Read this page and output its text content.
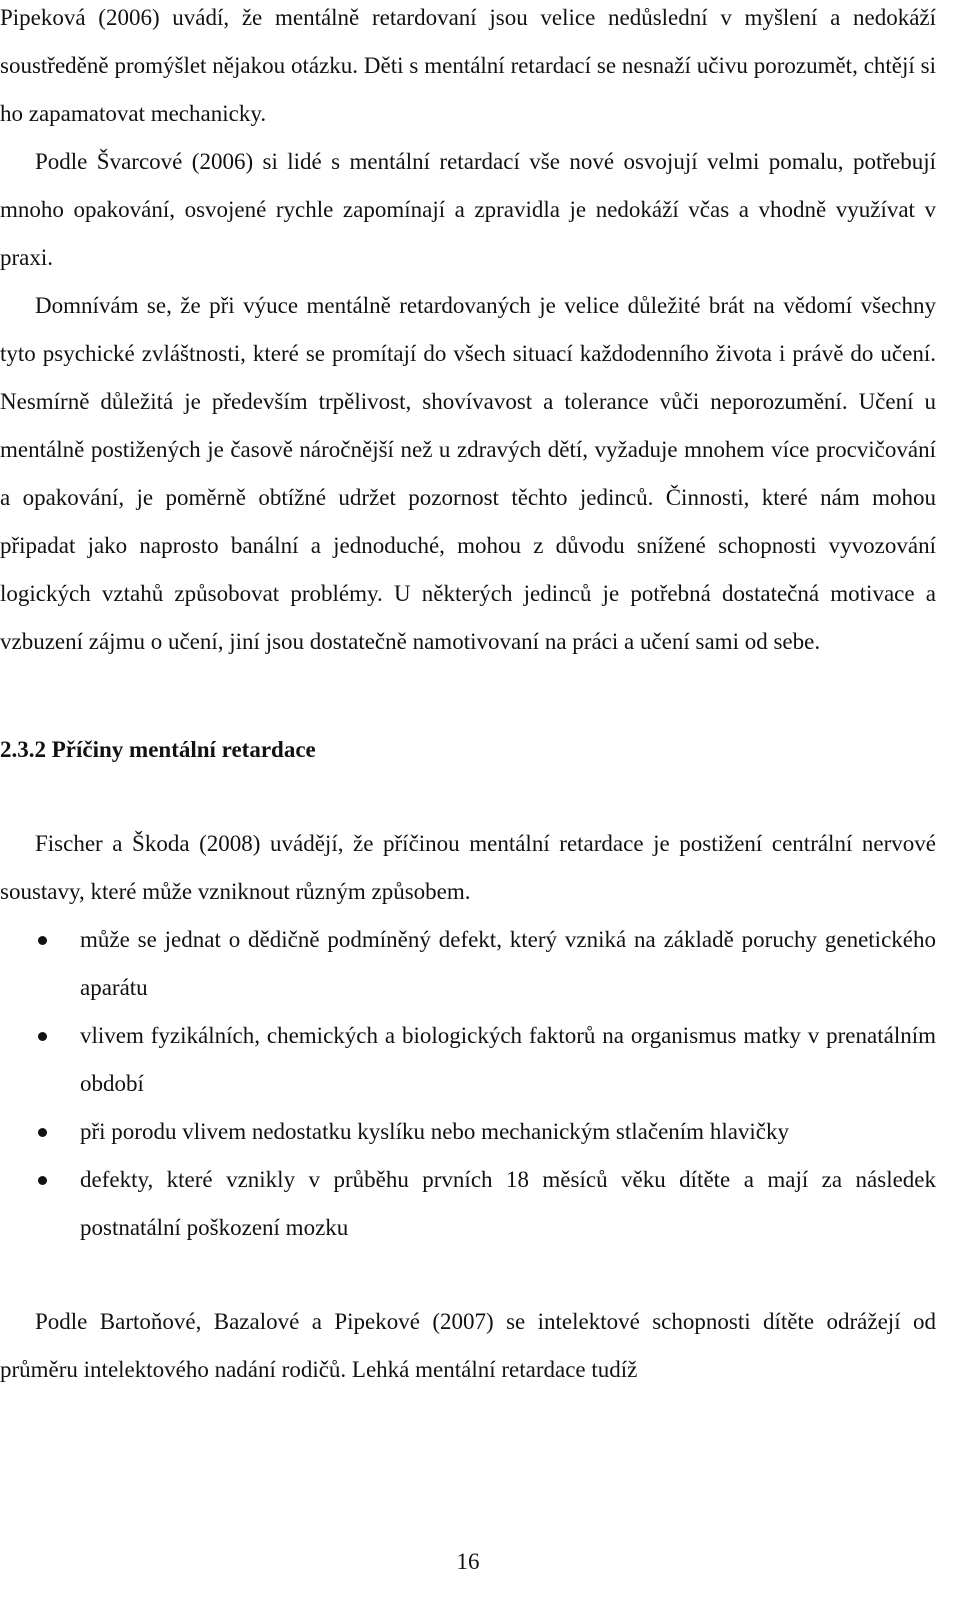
Pipeková (2006) uvádí, že mentálně retardovaní jsou velice nedůslední v myšlení a nedokáží soustředěně promýšlet nějakou otázku. Děti s mentální retardací se nesnaží učivu porozumět, chtějí si ho zapamatovat mechanicky.

Podle Švarcové (2006) si lidé s mentální retardací vše nové osvojují velmi pomalu, potřebují mnoho opakování, osvojené rychle zapomínají a zpravidla je nedokáží včas a vhodně využívat v praxi.

Domnívám se, že při výuce mentálně retardovaných je velice důležité brát na vědomí všechny tyto psychické zvláštnosti, které se promítají do všech situací každodenního života i právě do učení. Nesmírně důležitá je především trpělivost, shovívavost a tolerance vůči neporozumění. Učení u mentálně postižených je časově náročnější než u zdravých dětí, vyžaduje mnohem více procvičování a opakování, je poměrně obtížné udržet pozornost těchto jedinců. Činnosti, které nám mohou připadat jako naprosto banální a jednoduché, mohou z důvodu snížené schopnosti vyvozování logických vztahů způsobovat problémy. U některých jedinců je potřebná dostatečná motivace a vzbuzení zájmu o učení, jiní jsou dostatečně namotivovaní na práci a učení sami od sebe.

2.3.2 Příčiny mentální retardace

Fischer a Škoda (2008) uvádějí, že příčinou mentální retardace je postižení centrální nervové soustavy, které může vzniknout různým způsobem.

může se jednat o dědičně podmíněný defekt, který vzniká na základě poruchy genetického aparátu
vlivem fyzikálních, chemických a biologických faktorů na organismus matky v prenatálním období
při porodu vlivem nedostatku kyslíku nebo mechanickým stlačením hlavičky
defekty, které vznikly v průběhu prvních 18 měsíců věku dítěte a mají za následek postnatální poškození mozku

Podle Bartoňové, Bazalové a Pipekové (2007) se intelektové schopnosti dítěte odrážejí od průměru intelektového nadání rodičů. Lehká mentální retardace tudíž

16
